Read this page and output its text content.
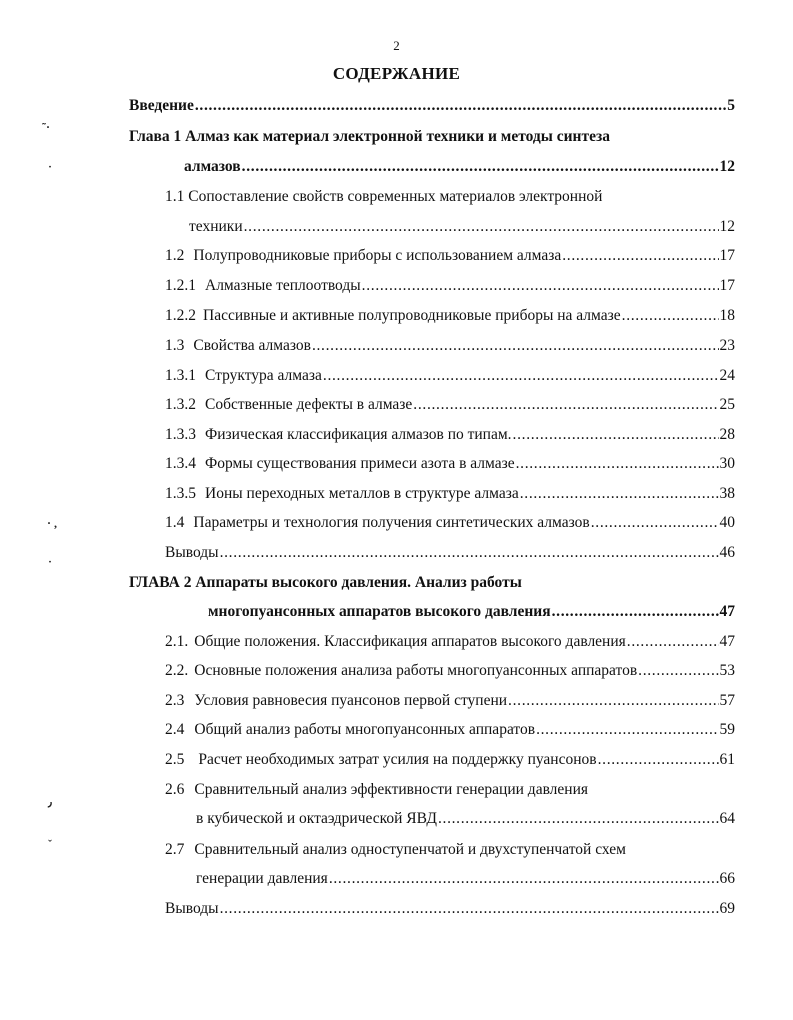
2
СОДЕРЖАНИЕ
Введение . . .	5
Глава 1 Алмаз как материал электронной техники и методы синтеза
алмазов . . .	12
1.1 Сопоставление свойств современных материалов электронной
техники . . .	12
1.2 Полупроводниковые приборы с использованием алмаза . . .	17
1.2.1 Алмазные теплоотводы . . .	17
1.2.2 Пассивные и активные полупроводниковые приборы на алмазе . . .	18
1.3 Свойства алмазов . . .	23
1.3.1 Структура алмаза . . .	24
1.3.2 Собственные дефекты в алмазе . . .	25
1.3.3 Физическая классификация алмазов по типам. . . .	28
1.3.4 Формы существования примеси азота в алмазе . . .	30
1.3.5 Ионы переходных металлов в структуре алмаза . . .	38
1.4 Параметры и технология получения синтетических алмазов . . .	40
Выводы . . .	46
ГЛАВА 2 Аппараты высокого давления. Анализ работы
многопуансонных аппаратов высокого давления . . .	47
2.1. Общие положения. Классификация аппаратов высокого давления . . .	47
2.2. Основные положения анализа работы многопуансонных аппаратов . . .	53
2.3 Условия равновесия пуансонов первой ступени . . .	57
2.4 Общий анализ работы многопуансонных аппаратов . . .	59
2.5 Расчет необходимых затрат усилия на поддержку пуансонов . . .	61
2.6 Сравнительный анализ эффективности генерации давления
в кубической и октаэдрической ЯВД . . .	64
2.7 Сравнительный анализ одноступенчатой и двухступенчатой схем
генерации давления . . .	66
Выводы . . .	69
˜·
˙
· ,
˙
٫
ˇ
